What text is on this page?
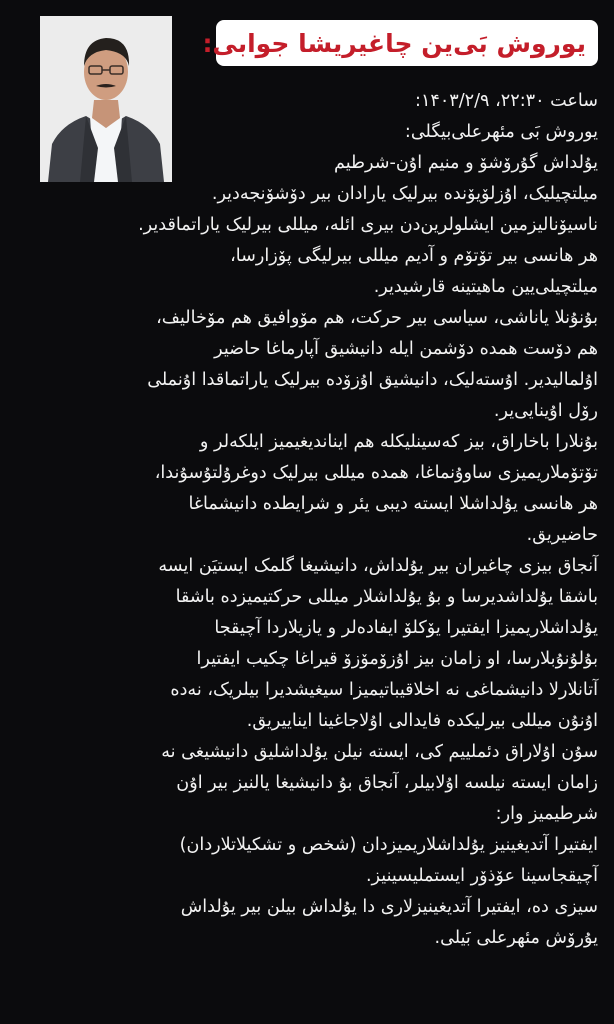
یوروش بَی‌ین چاغیریشا جوابی:
ساعت ۲۲:۳۰، ۱۴۰۳/۲/۹:
یوروش بَی مئهرعلی‌بیگلی:
یۇلداش گۇرۆشۆ و منیم اۇن-شرطیم
میلتچیلیک، اۇزلۆیۆنده بیرلیک یارادان بیر دۆشۆنجه‌دیر.
ناسیۆنالیزمین ایشلولرین‌دن بیری ائله، میللی بیرلیک یاراتماقدیر.
هر هانسی بیر تۆتۆم و آدیم میللی بیرلیگی پۆزارسا،
میلتچیلی‌یین ماهیتینه قارشیدیر.
بۇنۇنلا یاناشی، سیاسی بیر حرکت، هم مۆوافیق هم مۆخالیف،
هم دۆست همده دۆشمن ایله دانیشیق آپارماغا حاضیر
اۇلمالیدیر. اۇسته‌لیک، دانیشیق اۇزۆده بیرلیک یاراتماقدا اۇنملی
رۆل اۇینایی‌یر.
بۇنلارا باخاراق، بیز که‌سینلیکله هم ایناندیغیمیز ایلکه‌لر و
تۆتۆملاریمیزی ساوۇنماغا، همده میللی بیرلیک دوغرۇلتۇسۇندا،
هر هانسی یۇلداشلا ایسته دیبی یئر و شرایطده دانیشماغا
حاضیریق.
آنجاق بیزی چاغیران بیر یۇلداش، دانیشیغا گلمک ایستیَن ایسه
باشقا یۇلداشدیرسا و بۇ یۇلداشلار میللی حرکتیمیزده باشقا
یۇلداشلاریمیزا ایفتیرا یۆکلۆ ایفاده‌لر و یازیلاردا آچیقجا
بۇلۇنۇبلارسا، او زامان بیز اۇزۆمۆزۆ قیراغا چکیب ایفتیرا
آتانلارلا دانیشماغی نه اخلاقیباتیمیزا سیغیشدیرا بیلریک، نه‌ده
اۇنۇن میللی بیرلیکده فایدالی اۇلاجاغینا ایناییریق.
سۇن اۇلاراق دئملییم کی، ایسته نیلن یۇلداشلیق دانیشیغی نه
زامان ایسته نیلسه اۇلابیلر، آنجاق بۇ دانیشیغا یالنیز بیر اۇن
شرطیمیز وار:
ایفتیرا آتدیغینیز یۇلداشلاریمیزدان (شخص و تشکیلاتلاردان)
آچیقجاسینا عۆذۆر ایستملیسینیز.
سیزی ده، ایفتیرا آتدیغینیزلاری دا یۇلداش بیلن بیر یۇلداش
یۇرۆش مئهرعلی بَیلی.
